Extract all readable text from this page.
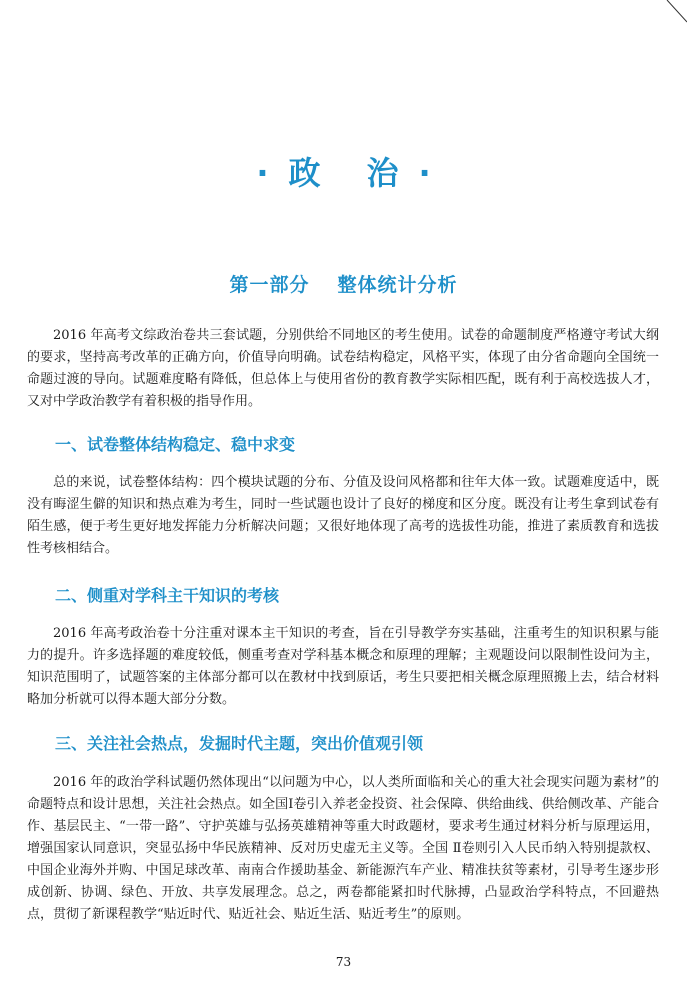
· 政 治 ·
第一部分 整体统计分析

2016 年高考文综政治卷共三套试题，分别供给不同地区的考生使用。试卷的命题制度严格遵守考试大纲的要求，坚持高考改革的正确方向，价值导向明确。试卷结构稳定，风格平实，体现了由分省命题向全国统一命题过渡的导向。试题难度略有降低，但总体上与使用省份的教育教学实际相匹配，既有利于高校选拔人才，又对中学政治教学有着积极的指导作用。

一、试卷整体结构稳定、稳中求变

总的来说，试卷整体结构：四个模块试题的分布、分值及设问风格都和往年大体一致。试题难度适中，既没有晦涩生僻的知识和热点难为考生，同时一些试题也设计了良好的梯度和区分度。既没有让考生拿到试卷有陌生感，便于考生更好地发挥能力分析解决问题；又很好地体现了高考的选拔性功能，推进了素质教育和选拔性考核相结合。

二、侧重对学科主干知识的考核

2016 年高考政治卷十分注重对课本主干知识的考查，旨在引导教学夯实基础，注重考生的知识积累与能力的提升。许多选择题的难度较低，侧重考查对学科基本概念和原理的理解；主观题设问以限制性设问为主，知识范围明了，试题答案的主体部分都可以在教材中找到原话，考生只要把相关概念原理照搬上去，结合材料略加分析就可以得本题大部分分数。

三、关注社会热点，发掘时代主题，突出价值观引领

2016 年的政治学科试题仍然体现出“以问题为中心，以人类所面临和关心的重大社会现实问题为素材”的命题特点和设计思想，关注社会热点。如全国Ⅰ卷引入养老金投资、社会保障、供给曲线、供给侧改革、产能合作、基层民主、“一带一路”、守护英雄与弘扬英雄精神等重大时政题材，要求考生通过材料分析与原理运用，增强国家认同意识，突显弘扬中华民族精神、反对历史虚无主义等。全国 Ⅱ卷则引入人民币纳入特别提款权、中国企业海外并购、中国足球改革、南南合作援助基金、新能源汽车产业、精准扶贫等素材，引导考生逐步形成创新、协调、绿色、开放、共享发展理念。总之，两卷都能紧扣时代脉搏，凸显政治学科特点，不回避热点，贯彻了新课程教学“贴近时代、贴近社会、贴近生活、贴近考生”的原则。

73
